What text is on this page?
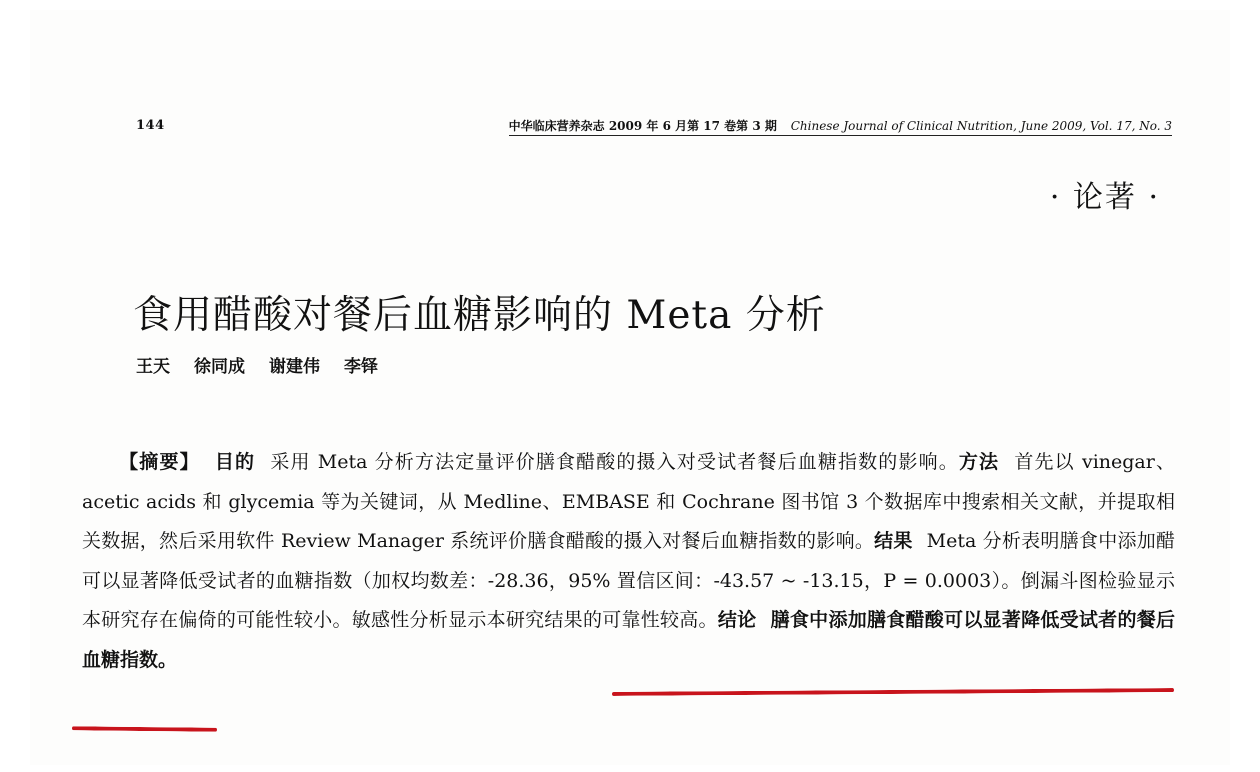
144	中华临床营养杂志 2009 年 6 月第 17 卷第 3 期 Chinese Journal of Clinical Nutrition, June 2009, Vol. 17, No. 3
· 论著 ·
食用醋酸对餐后血糖影响的 Meta 分析
王天 徐同成 谢建伟 李铎
【摘要】 目的 采用 Meta 分析方法定量评价膳食醋酸的摄入对受试者餐后血糖指数的影响。方法 首先以 vinegar、acetic acids 和 glycemia 等为关键词，从 Medline、EMBASE 和 Cochrane 图书馆 3 个数据库中搜索相关文献，并提取相关数据，然后采用软件 Review Manager 系统评价膳食醋酸的摄入对餐后血糖指数的影响。结果 Meta 分析表明膳食中添加醋可以显著降低受试者的血糖指数（加权均数差：-28.36，95% 置信区间：-43.57 ~ -13.15，P = 0.0003）。倒漏斗图检验显示本研究存在偏倚的可能性较小。敏感性分析显示本研究结果的可靠性较高。结论 膳食中添加膳食醋酸可以显著降低受试者的餐后血糖指数。
